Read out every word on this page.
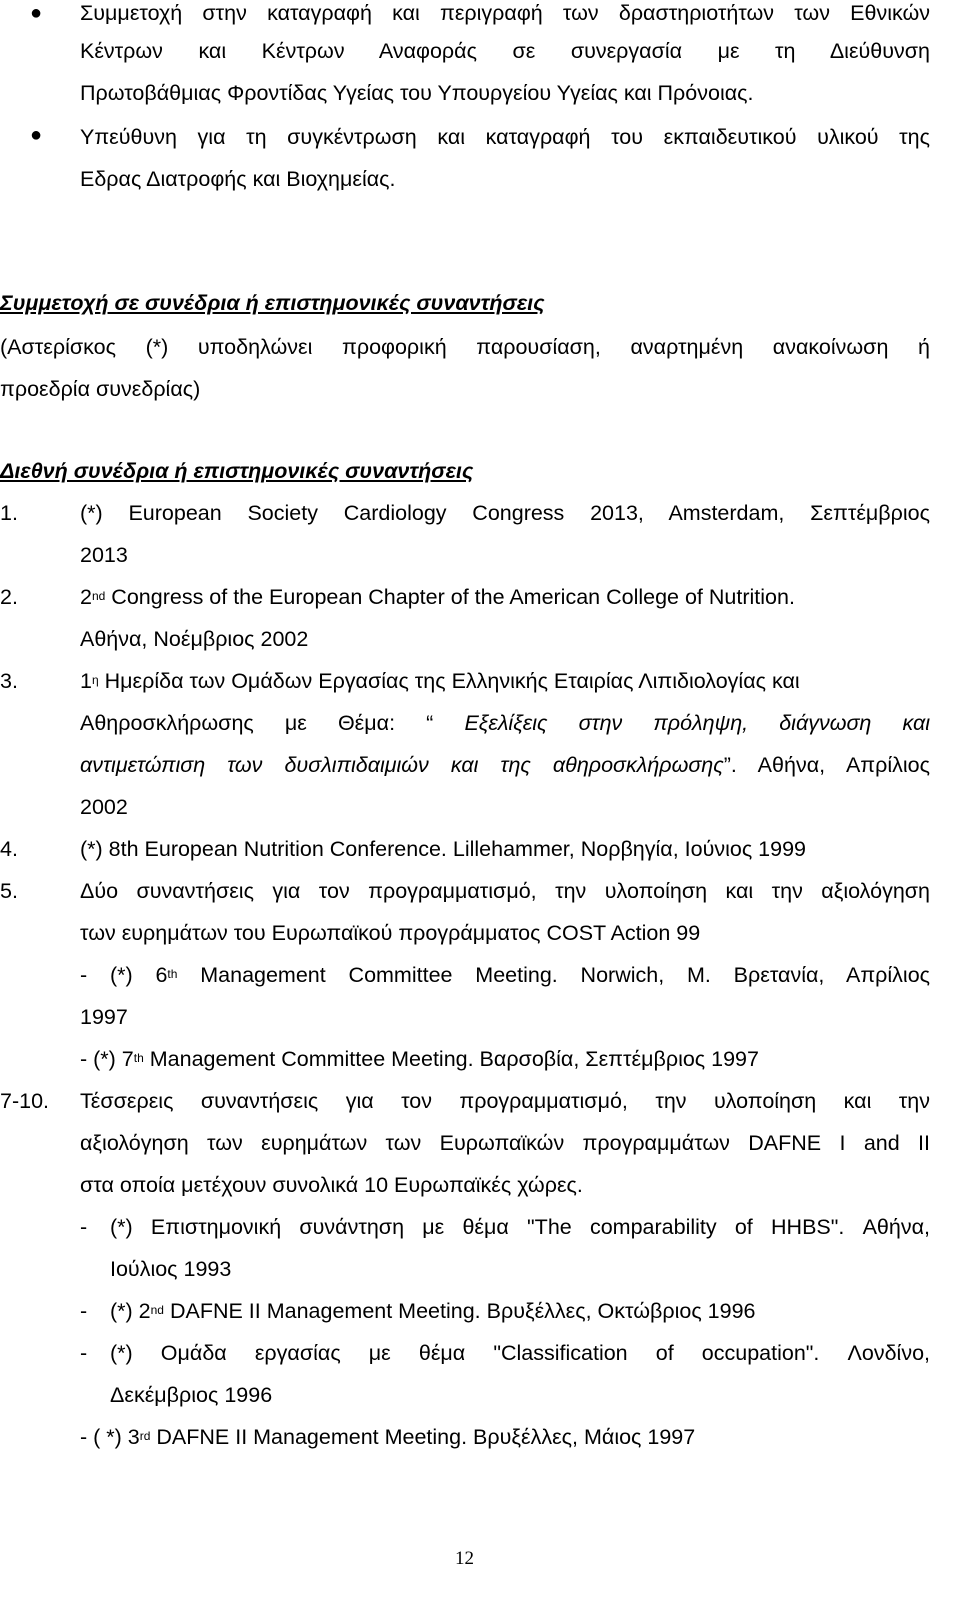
● Συμμετοχή στην καταγραφή και περιγραφή των δραστηριοτήτων των Εθνικών
Κέντρων και Κέντρων Αναφοράς σε συνεργασία με τη Διεύθυνση
Πρωτοβάθμιας Φροντίδας Υγείας του Υπουργείου Υγείας και Πρόνοιας.
● Υπεύθυνη για τη συγκέντρωση και καταγραφή του εκπαιδευτικού υλικού της
Εδρας Διατροφής και Βιοχημείας.
Συμμετοχή σε συνέδρια ή επιστημονικές συναντήσεις
(Αστερίσκος (*) υποδηλώνει προφορική παρουσίαση, αναρτημένη ανακοίνωση ή
προεδρία συνεδρίας)
Διεθνή συνέδρια ή επιστημονικές συναντήσεις
1.	(*) European Society Cardiology Congress 2013, Amsterdam, Σεπτέμβριος
2013
2.	2nd Congress of the European Chapter of the American College of Nutrition.
Αθήνα, Νοέμβριος 2002
3.	$1^\eta$ Ημερίδα των Ομάδων Εργασίας της Ελληνικής Εταιρίας Λιπιδιολογίας και
Αθηροσκλήρωσης με Θέμα: “ Εξελίξεις στην πρόληψη, διάγνωση και
αντιμετώπιση των δυσλιπιδαιμιών και της αθηροσκλήρωσης”. Αθήνα, Απρίλιος
2002
4.	(*) 8th European Nutrition Conference. Lillehammer, Νορβηγία, Ιούνιος 1999
5.	Δύο συναντήσεις για τον προγραμματισμό, την υλοποίηση και την αξιολόγηση
των ευρημάτων του Ευρωπαϊκού προγράμματος COST Action 99
- (*) 6th Management Committee Meeting. Norwich, M. Βρετανία, Απρίλιος
1997
- (*) 7th Management Committee Meeting. Βαρσοβία, Σεπτέμβριος 1997
7-10. Τέσσερεις συναντήσεις για τον προγραμματισμό, την υλοποίηση και την
αξιολόγηση των ευρημάτων των Ευρωπαϊκών προγραμμάτων DAFNE I and II
στα οποία μετέχουν συνολικά 10 Ευρωπαϊκές χώρες.
- (*) Επιστημονική συνάντηση με θέμα "The comparability of HHBS". Αθήνα,
Ιούλιος 1993
- (*) 2nd DAFNE II Management Meeting. Βρυξέλλες, Οκτώβριος 1996
- (*) Ομάδα εργασίας με θέμα "Classification of occupation". Λονδίνο,
Δεκέμβριος 1996
- ( *) 3rd DAFNE II Management Meeting. Βρυξέλλες, Μάιος 1997
12
